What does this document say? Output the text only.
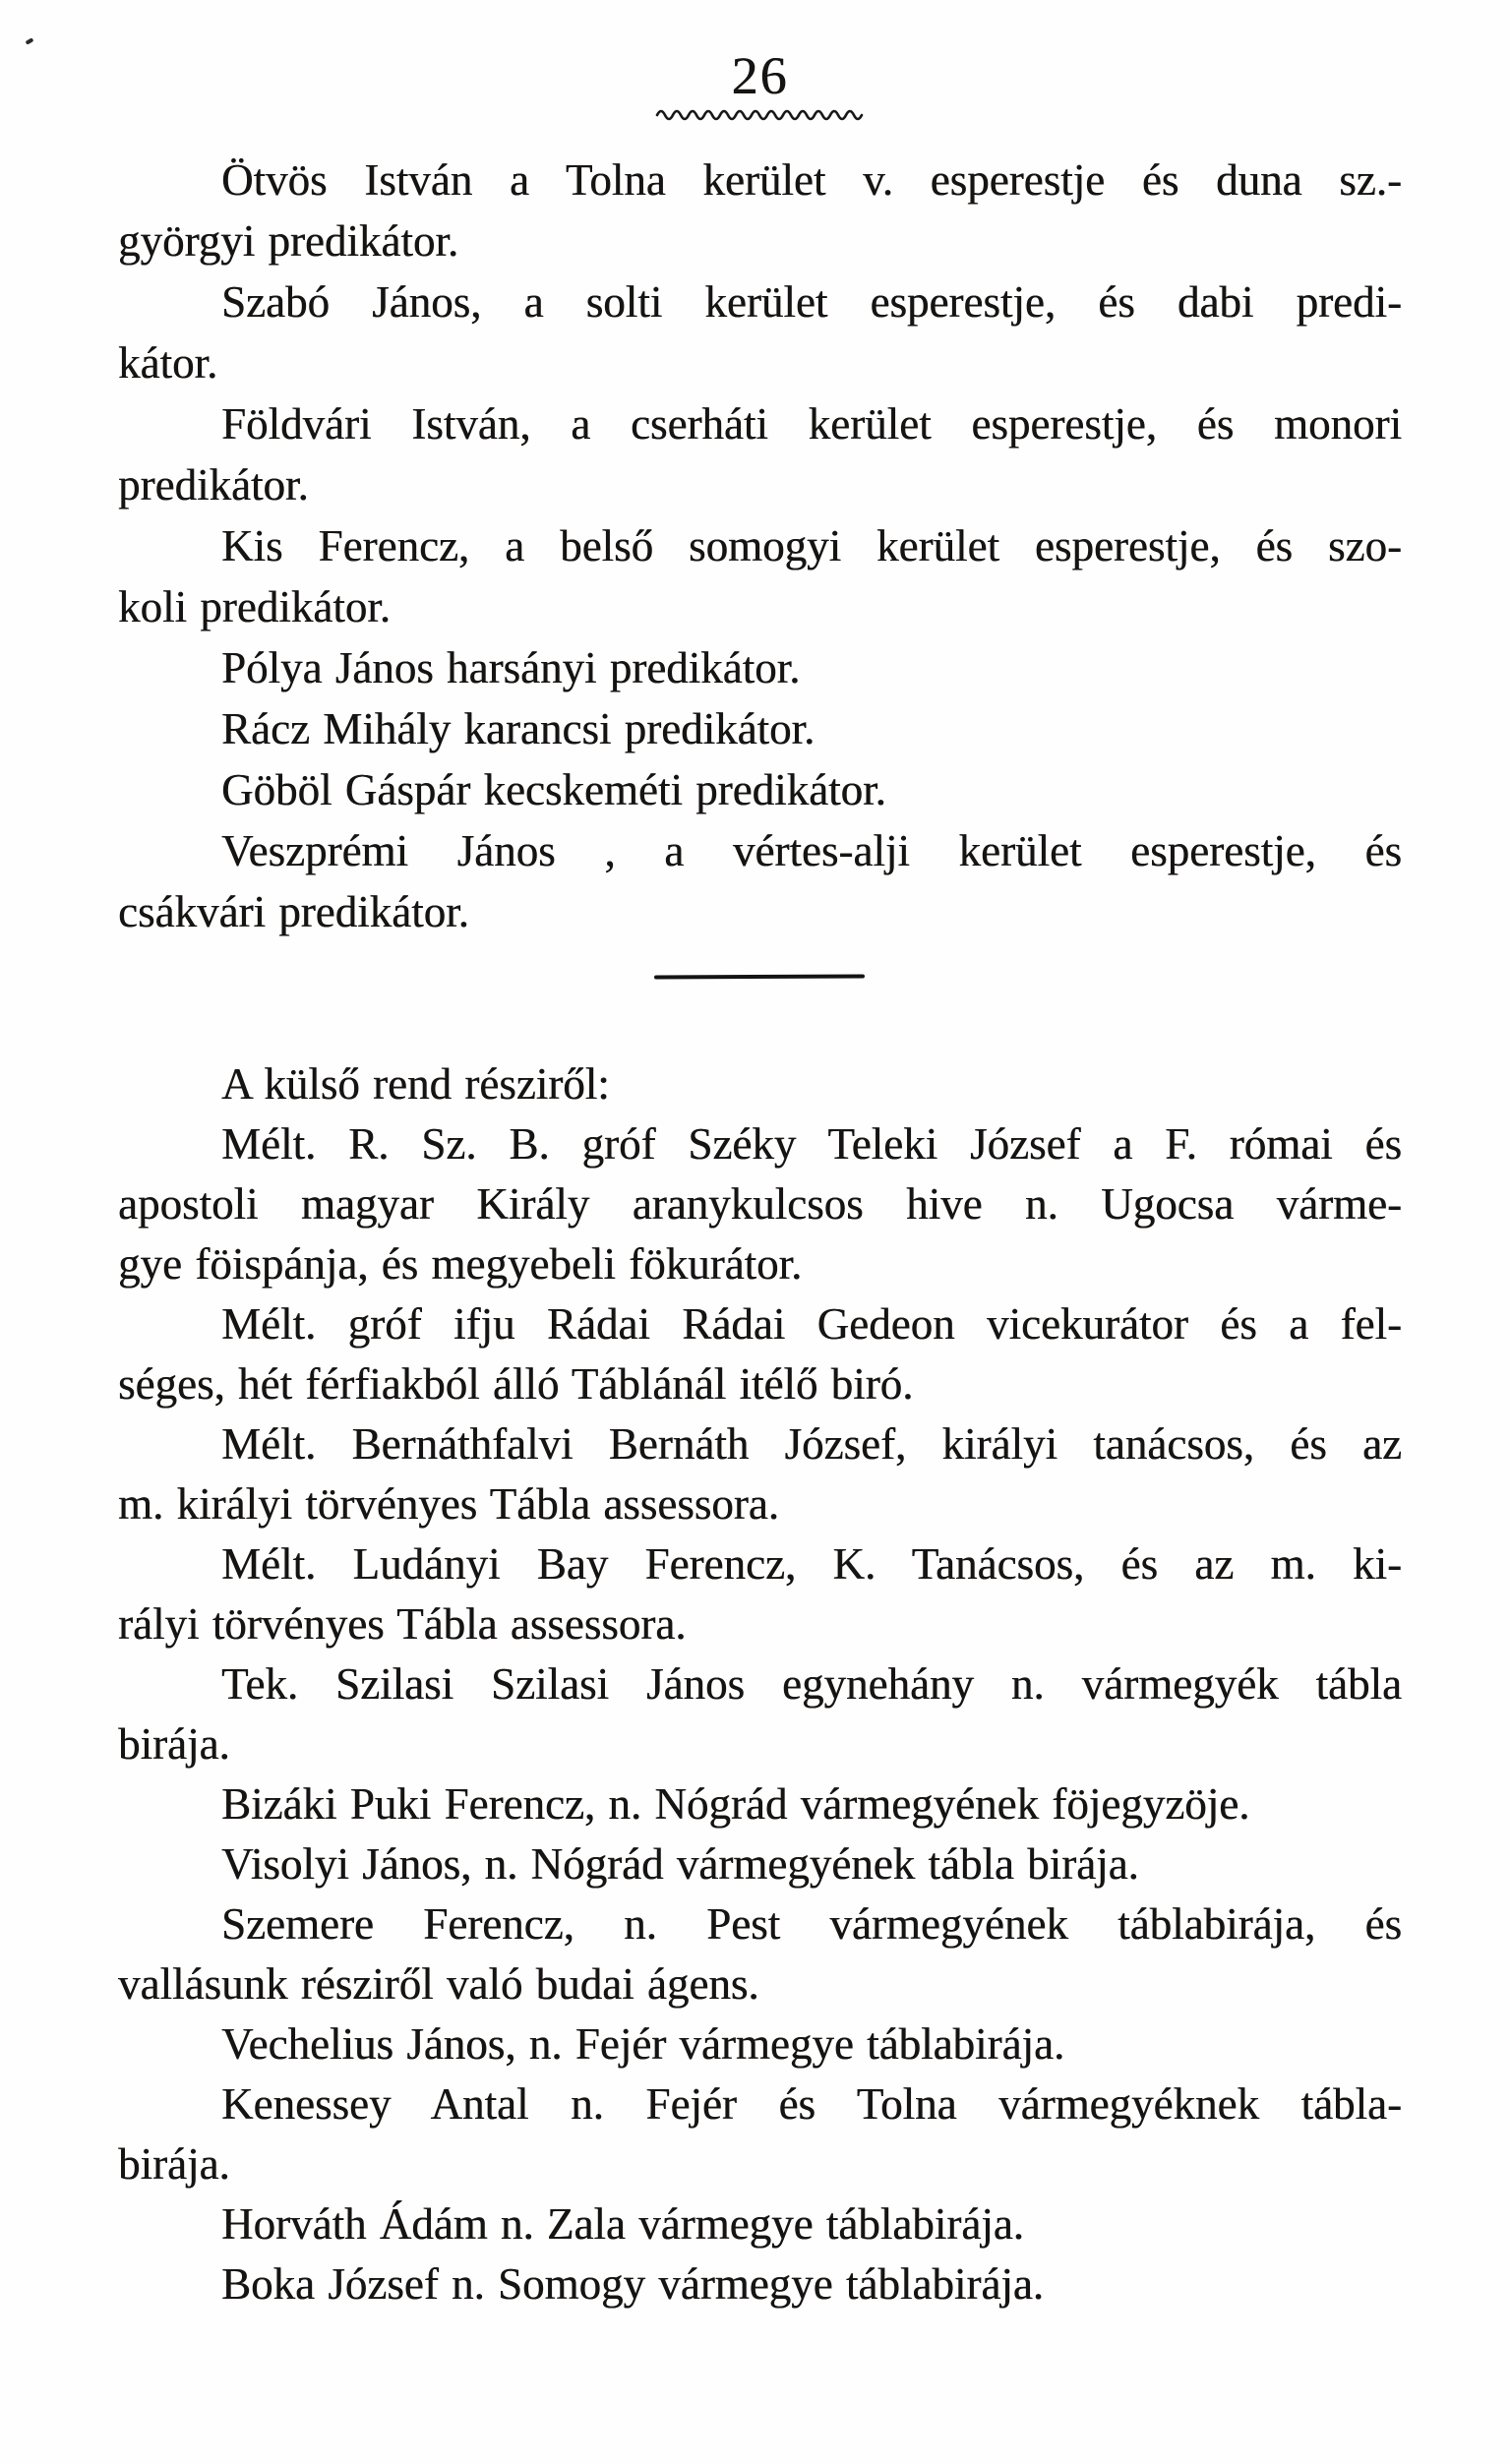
26
Ötvös István a Tolna kerület v. esperestje és duna sz.-
györgyi predikátor.
Szabó János, a solti kerület esperestje, és dabi predi-
kátor.
Földvári István, a cserháti kerület esperestje, és monori
predikátor.
Kis Ferencz, a belső somogyi kerület esperestje, és szo-
koli predikátor.
Pólya János harsányi predikátor.
Rácz Mihály karancsi predikátor.
Göböl Gáspár kecskeméti predikátor.
Veszprémi János , a vértes-alji kerület esperestje, és
csákvári predikátor.
A külső rend résziről:
Mélt. R. Sz. B. gróf Széky Teleki József a F. római és
apostoli magyar Király aranykulcsos hive n. Ugocsa várme-
gye föispánja, és megyebeli fökurátor.
Mélt. gróf ifju Rádai Rádai Gedeon vicekurátor és a fel-
séges, hét férfiakból álló Táblánál itélő biró.
Mélt. Bernáthfalvi Bernáth József, királyi tanácsos, és az
m. királyi törvényes Tábla assessora.
Mélt. Ludányi Bay Ferencz, K. Tanácsos, és az m. ki-
rályi törvényes Tábla assessora.
Tek. Szilasi Szilasi János egynehány n. vármegyék tábla
birája.
Bizáki Puki Ferencz, n. Nógrád vármegyének föjegyzöje.
Visolyi János, n. Nógrád vármegyének tábla birája.
Szemere Ferencz, n. Pest vármegyének táblabirája, és
vallásunk résziről való budai ágens.
Vechelius János, n. Fejér vármegye táblabirája.
Kenessey Antal n. Fejér és Tolna vármegyéknek tábla-
birája.
Horváth Ádám n. Zala vármegye táblabirája.
Boka József n. Somogy vármegye táblabirája.
